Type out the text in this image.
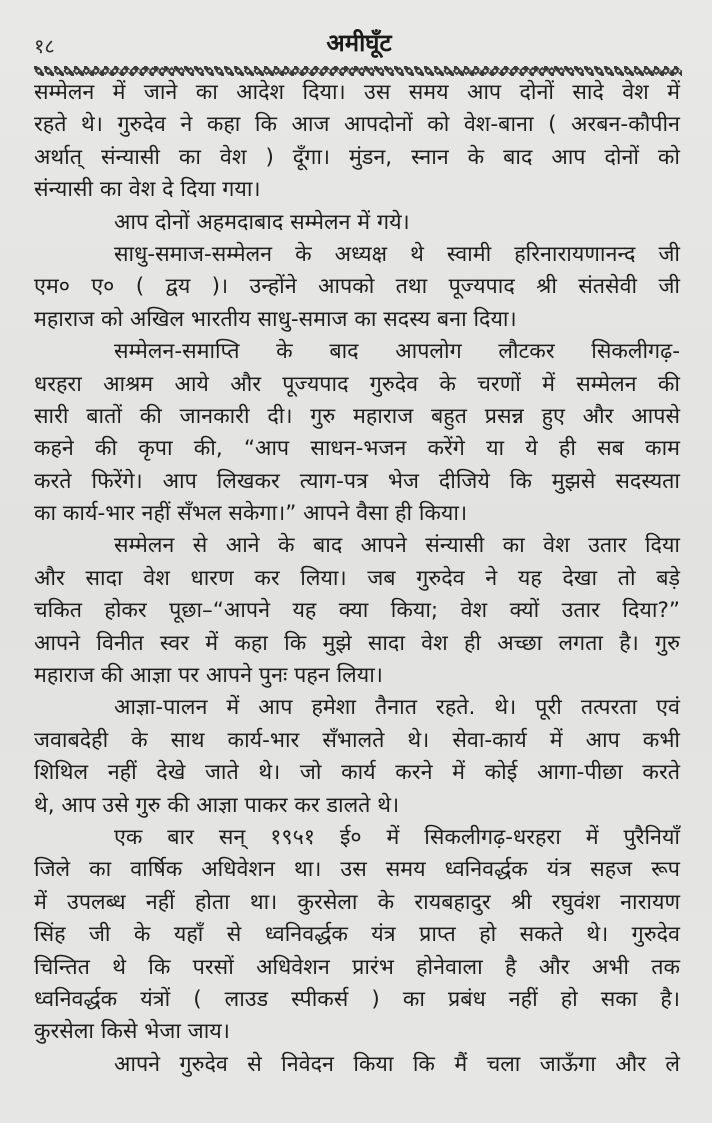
१८	अमीघूँट
सम्मेलन में जाने का आदेश दिया। उस समय आप दोनों सादे वेश में
रहते थे। गुरुदेव ने कहा कि आज आपदोनों को वेश-बाना ( अरबन-कौपीन
अर्थात् संन्यासी का वेश ) दूँगा। मुंडन, स्नान के बाद आप दोनों को
संन्यासी का वेश दे दिया गया।
आप दोनों अहमदाबाद सम्मेलन में गये।
साधु-समाज-सम्मेलन के अध्यक्ष थे स्वामी हरिनारायणानन्द जी
एम० ए० ( द्वय )। उन्होंने आपको तथा पूज्यपाद श्री संतसेवी जी
महाराज को अखिल भारतीय साधु-समाज का सदस्य बना दिया।
सम्मेलन-समाप्ति के बाद आपलोग लौटकर सिकलीगढ़-
धरहरा आश्रम आये और पूज्यपाद गुरुदेव के चरणों में सम्मेलन की
सारी बातों की जानकारी दी। गुरु महाराज बहुत प्रसन्न हुए और आपसे
कहने की कृपा की, “आप साधन-भजन करेंगे या ये ही सब काम
करते फिरेंगे। आप लिखकर त्याग-पत्र भेज दीजिये कि मुझसे सदस्यता
का कार्य-भार नहीं सँभल सकेगा।” आपने वैसा ही किया।
सम्मेलन से आने के बाद आपने संन्यासी का वेश उतार दिया
और सादा वेश धारण कर लिया। जब गुरुदेव ने यह देखा तो बड़े
चकित होकर पूछा–“आपने यह क्या किया; वेश क्यों उतार दिया?”
आपने विनीत स्वर में कहा कि मुझे सादा वेश ही अच्छा लगता है। गुरु
महाराज की आज्ञा पर आपने पुनः पहन लिया।
आज्ञा-पालन में आप हमेशा तैनात रहते. थे। पूरी तत्परता एवं
जवाबदेही के साथ कार्य-भार सँभालते थे। सेवा-कार्य में आप कभी
शिथिल नहीं देखे जाते थे। जो कार्य करने में कोई आगा-पीछा करते
थे, आप उसे गुरु की आज्ञा पाकर कर डालते थे।
एक बार सन् १९५१ ई० में सिकलीगढ़-धरहरा में पुरैनियाँ
जिले का वार्षिक अधिवेशन था। उस समय ध्वनिवर्द्धक यंत्र सहज रूप
में उपलब्ध नहीं होता था। कुरसेला के रायबहादुर श्री रघुवंश नारायण
सिंह जी के यहाँ से ध्वनिवर्द्धक यंत्र प्राप्त हो सकते थे। गुरुदेव
चिन्तित थे कि परसों अधिवेशन प्रारंभ होनेवाला है और अभी तक
ध्वनिवर्द्धक यंत्रों ( लाउड स्पीकर्स ) का प्रबंध नहीं हो सका है।
कुरसेला किसे भेजा जाय।
आपने गुरुदेव से निवेदन किया कि मैं चला जाऊँगा और ले
